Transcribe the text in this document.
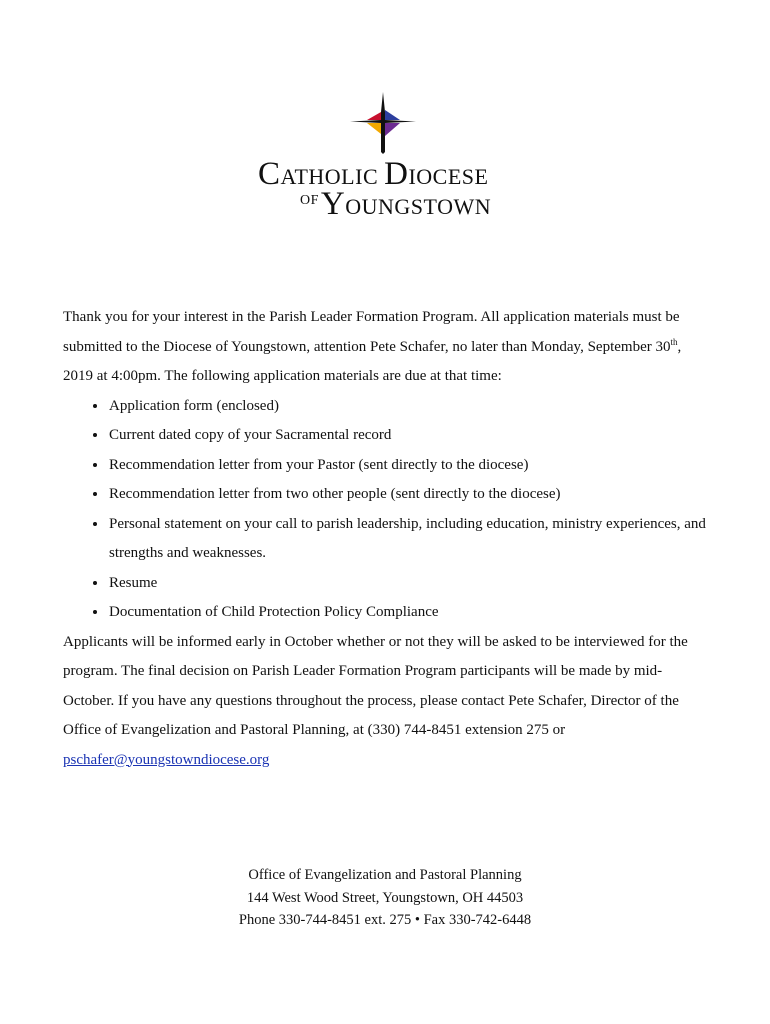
CATHOLIC DIOCESE
$^{OF}$YOUNGSTOWN

Thank you for your interest in the Parish Leader Formation Program. All application materials must be submitted to the Diocese of Youngstown, attention Pete Schafer, no later than Monday, September 30th, 2019 at 4:00pm. The following application materials are due at that time:

• Application form (enclosed)
• Current dated copy of your Sacramental record
• Recommendation letter from your Pastor (sent directly to the diocese)
• Recommendation letter from two other people (sent directly to the diocese)
• Personal statement on your call to parish leadership, including education, ministry experiences, and strengths and weaknesses.
• Resume
• Documentation of Child Protection Policy Compliance

Applicants will be informed early in October whether or not they will be asked to be interviewed for the program. The final decision on Parish Leader Formation Program participants will be made by mid-October. If you have any questions throughout the process, please contact Pete Schafer, Director of the Office of Evangelization and Pastoral Planning, at (330) 744-8451 extension 275 or pschafer@youngstowndiocese.org

Office of Evangelization and Pastoral Planning
144 West Wood Street, Youngstown, OH 44503
Phone 330-744-8451 ext. 275 • Fax 330-742-6448
